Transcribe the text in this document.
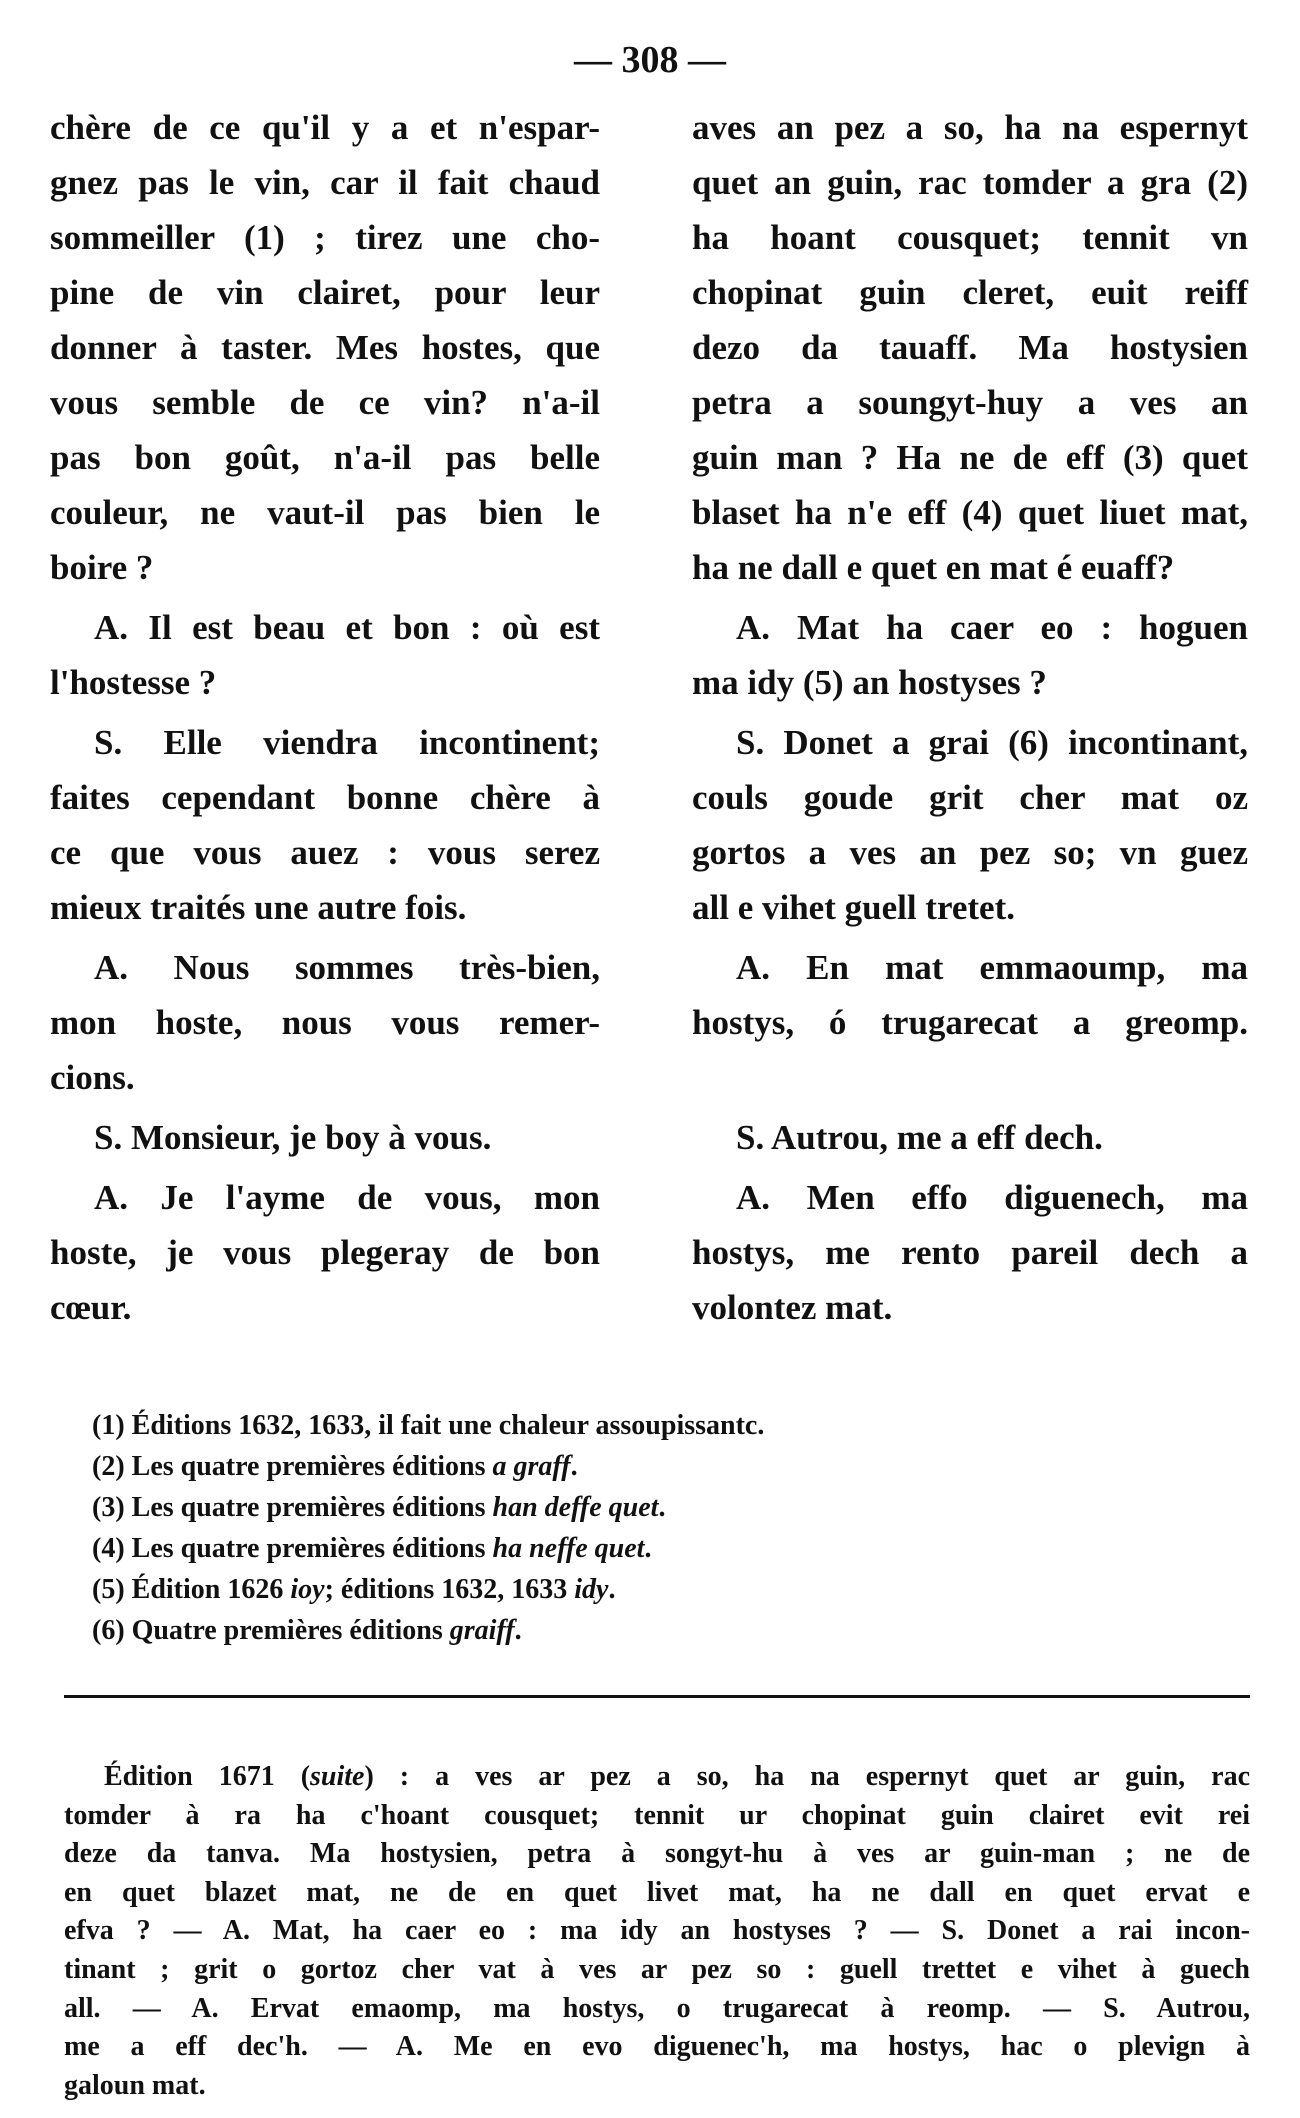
— 308 —
chère de ce qu'il y a et n'espar-
gnez pas le vin, car il fait chaud
sommeiller (1) ; tirez une cho-
pine de vin clairet, pour leur
donner à taster. Mes hostes, que
vous semble de ce vin? n'a-il
pas bon goût, n'a-il pas belle
couleur, ne vaut-il pas bien le
boire ?
A. Il est beau et bon : où est
l'hostesse ?
S. Elle viendra incontinent;
faites cependant bonne chère à
ce que vous auez : vous serez
mieux traités une autre fois.
A. Nous sommes très-bien,
mon hoste, nous vous remer-
cions.
S. Monsieur, je boy à vous.
A. Je l'ayme de vous, mon
hoste, je vous plegeray de bon
cœur.
aves an pez a so, ha na espernyt
quet an guin, rac tomder a gra (2)
ha hoant cousquet; tennit vn
chopinat guin cleret, euit reiff
dezo da tauaff. Ma hostysien
petra a soungyt-huy a ves an
guin man ? Ha ne de eff (3) quet
blaset ha n'e eff (4) quet liuet mat,
ha ne dall e quet en mat é euaff?
A. Mat ha caer eo : hoguen
ma idy (5) an hostyses ?
S. Donet a grai (6) incontinant,
couls goude grit cher mat oz
gortos a ves an pez so; vn guez
all e vihet guell tretet.
A. En mat emmaoump, ma
hostys, ó trugarecat a greomp.
S. Autrou, me a eff dech.
A. Men effo diguenech, ma
hostys, me rento pareil dech a
volontez mat.
(1) Éditions 1632, 1633, il fait une chaleur assoupissantc.
(2) Les quatre premières éditions a graff.
(3) Les quatre premières éditions han deffe quet.
(4) Les quatre premières éditions ha neffe quet.
(5) Édition 1626 ioy; éditions 1632, 1633 idy.
(6) Quatre premières éditions graiff.
Édition 1671 (suite) : a ves ar pez a so, ha na espernyt quet ar guin, rac
tomder à ra ha c'hoant cousquet; tennit ur chopinat guin clairet evit rei
deze da tanva. Ma hostysien, petra à songyt-hu à ves ar guin-man ; ne de
en quet blazet mat, ne de en quet livet mat, ha ne dall en quet ervat e
efva ? — A. Mat, ha caer eo : ma idy an hostyses ? — S. Donet a rai incon-
tinant ; grit o gortoz cher vat à ves ar pez so : guell trettet e vihet à guech
all. — A. Ervat emaomp, ma hostys, o trugarecat à reomp. — S. Autrou,
me a eff dec'h. — A. Me en evo diguenec'h, ma hostys, hac o plevign à
galoun mat.
